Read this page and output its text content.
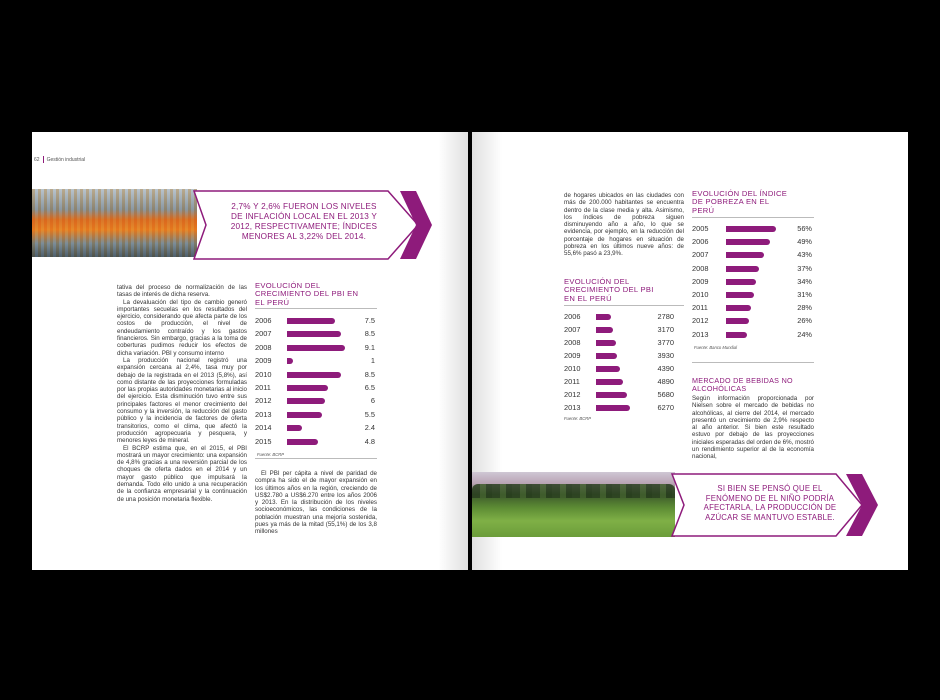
62 Gestión industrial
2,7% Y 2,6% FUERON LOS NIVELES DE INFLACIÓN LOCAL EN EL 2013 Y 2012, RESPECTIVAMENTE; ÍNDICES MENORES AL 3,22% DEL 2014.

tativa del proceso de normalización de las tasas de interés de dicha reserva.

La devaluación del tipo de cambio generó importantes secuelas en los resultados del ejercicio, considerando que afecta parte de los costos de producción, el nivel de endeudamiento contraído y los gastos financieros. Sin embargo, gracias a la toma de coberturas pudimos reducir los efectos de dicha variación. PBI y consumo interno

La producción nacional registró una expansión cercana al 2,4%, tasa muy por debajo de la registrada en el 2013 (5,8%), así como distante de las proyecciones formuladas por las propias autoridades monetarias al inicio del ejercicio. Esta disminución tuvo entre sus principales factores el menor crecimiento del consumo y la inversión, la reducción del gasto público y la incidencia de factores de oferta transitorios, como el clima, que afectó la producción agropecuaria y pesquera, y menores leyes de mineral.

El BCRP estima que, en el 2015, el PBI mostrará un mayor crecimiento: una expansión de 4,8% gracias a una reversión parcial de los choques de oferta dados en el 2014 y un mayor gasto público que impulsará la demanda. Todo ello unido a una recuperación de la confianza empresarial y la continuación de una posición monetaria flexible.

EVOLUCIÓN DEL CRECIMIENTO DEL PBI EN EL PERÚ
2006	7.5
2007	8.5
2008	9.1
2009	1
2010	8.5
2011	6.5
2012	6
2013	5.5
2014	2.4
2015	4.8
Fuente: BCRP

El PBI per cápita a nivel de paridad de compra ha sido el de mayor expansión en los últimos años en la región, creciendo de US$2.780 a US$6.270 entre los años 2006 y 2013. En la distribución de los niveles socioeconómicos, las condiciones de la población muestran una mejoría sostenida, pues ya más de la mitad (55,1%) de los 3,8 millones

de hogares ubicados en las ciudades con más de 200.000 habitantes se encuentra dentro de la clase media y alta. Asimismo, los índices de pobreza siguen disminuyendo año a año, lo que se evidencia, por ejemplo, en la reducción del porcentaje de hogares en situación de pobreza en los últimos nueve años: de 55,6% pasó a 23,9%.

EVOLUCIÓN DEL CRECIMIENTO DEL PBI EN EL PERÚ
2006	2780
2007	3170
2008	3770
2009	3930
2010	4390
2011	4890
2012	5680
2013	6270
Fuente: BCRP
EVOLUCIÓN DEL ÍNDICE DE POBREZA EN EL PERÚ
2005	56%
2006	49%
2007	43%
2008	37%
2009	34%
2010	31%
2011	28%
2012	26%
2013	24%
Fuente: Banco Mundial
MERCADO DE BEBIDAS NO ALCOHÓLICAS

Según información proporcionada por Nielsen sobre el mercado de bebidas no alcohólicas, al cierre del 2014, el mercado presentó un crecimiento de 2,9% respecto al año anterior. Si bien este resultado estuvo por debajo de las proyecciones iniciales esperadas del orden de 6%, mostró un rendimiento superior al de la economía nacional,

SI BIEN SE PENSÓ QUE EL FENÓMENO DE EL NIÑO PODRÍA AFECTARLA, LA PRODUCCIÓN DE AZÚCAR SE MANTUVO ESTABLE.
